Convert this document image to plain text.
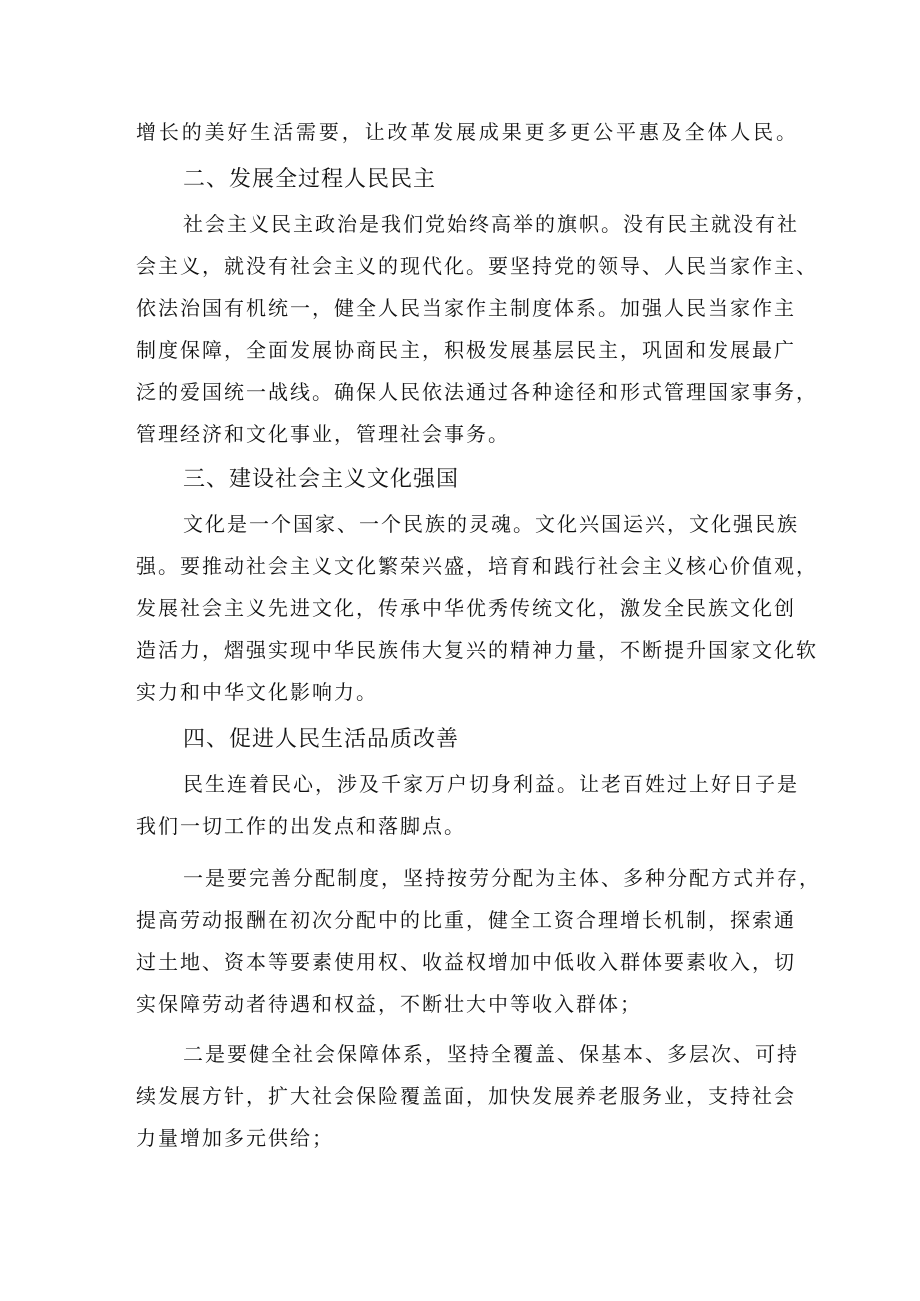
增长的美好生活需要，让改革发展成果更多更公平惠及全体人民。
二、发展全过程人民民主
社会主义民主政治是我们党始终高举的旗帜。没有民主就没有社
会主义，就没有社会主义的现代化。要坚持党的领导、人民当家作主、
依法治国有机统一，健全人民当家作主制度体系。加强人民当家作主
制度保障，全面发展协商民主，积极发展基层民主，巩固和发展最广
泛的爱国统一战线。确保人民依法通过各种途径和形式管理国家事务，
管理经济和文化事业，管理社会事务。
三、建设社会主义文化强国
文化是一个国家、一个民族的灵魂。文化兴国运兴，文化强民族
强。要推动社会主义文化繁荣兴盛，培育和践行社会主义核心价值观，
发展社会主义先进文化，传承中华优秀传统文化，激发全民族文化创
造活力，熠强实现中华民族伟大复兴的精神力量，不断提升国家文化软
实力和中华文化影响力。
四、促进人民生活品质改善
民生连着民心，涉及千家万户切身利益。让老百姓过上好日子是
我们一切工作的出发点和落脚点。
一是要完善分配制度，坚持按劳分配为主体、多种分配方式并存，
提高劳动报酬在初次分配中的比重，健全工资合理增长机制，探索通
过土地、资本等要素使用权、收益权增加中低收入群体要素收入，切
实保障劳动者待遇和权益，不断壮大中等收入群体；
二是要健全社会保障体系，坚持全覆盖、保基本、多层次、可持
续发展方针，扩大社会保险覆盖面，加快发展养老服务业，支持社会
力量增加多元供给；
